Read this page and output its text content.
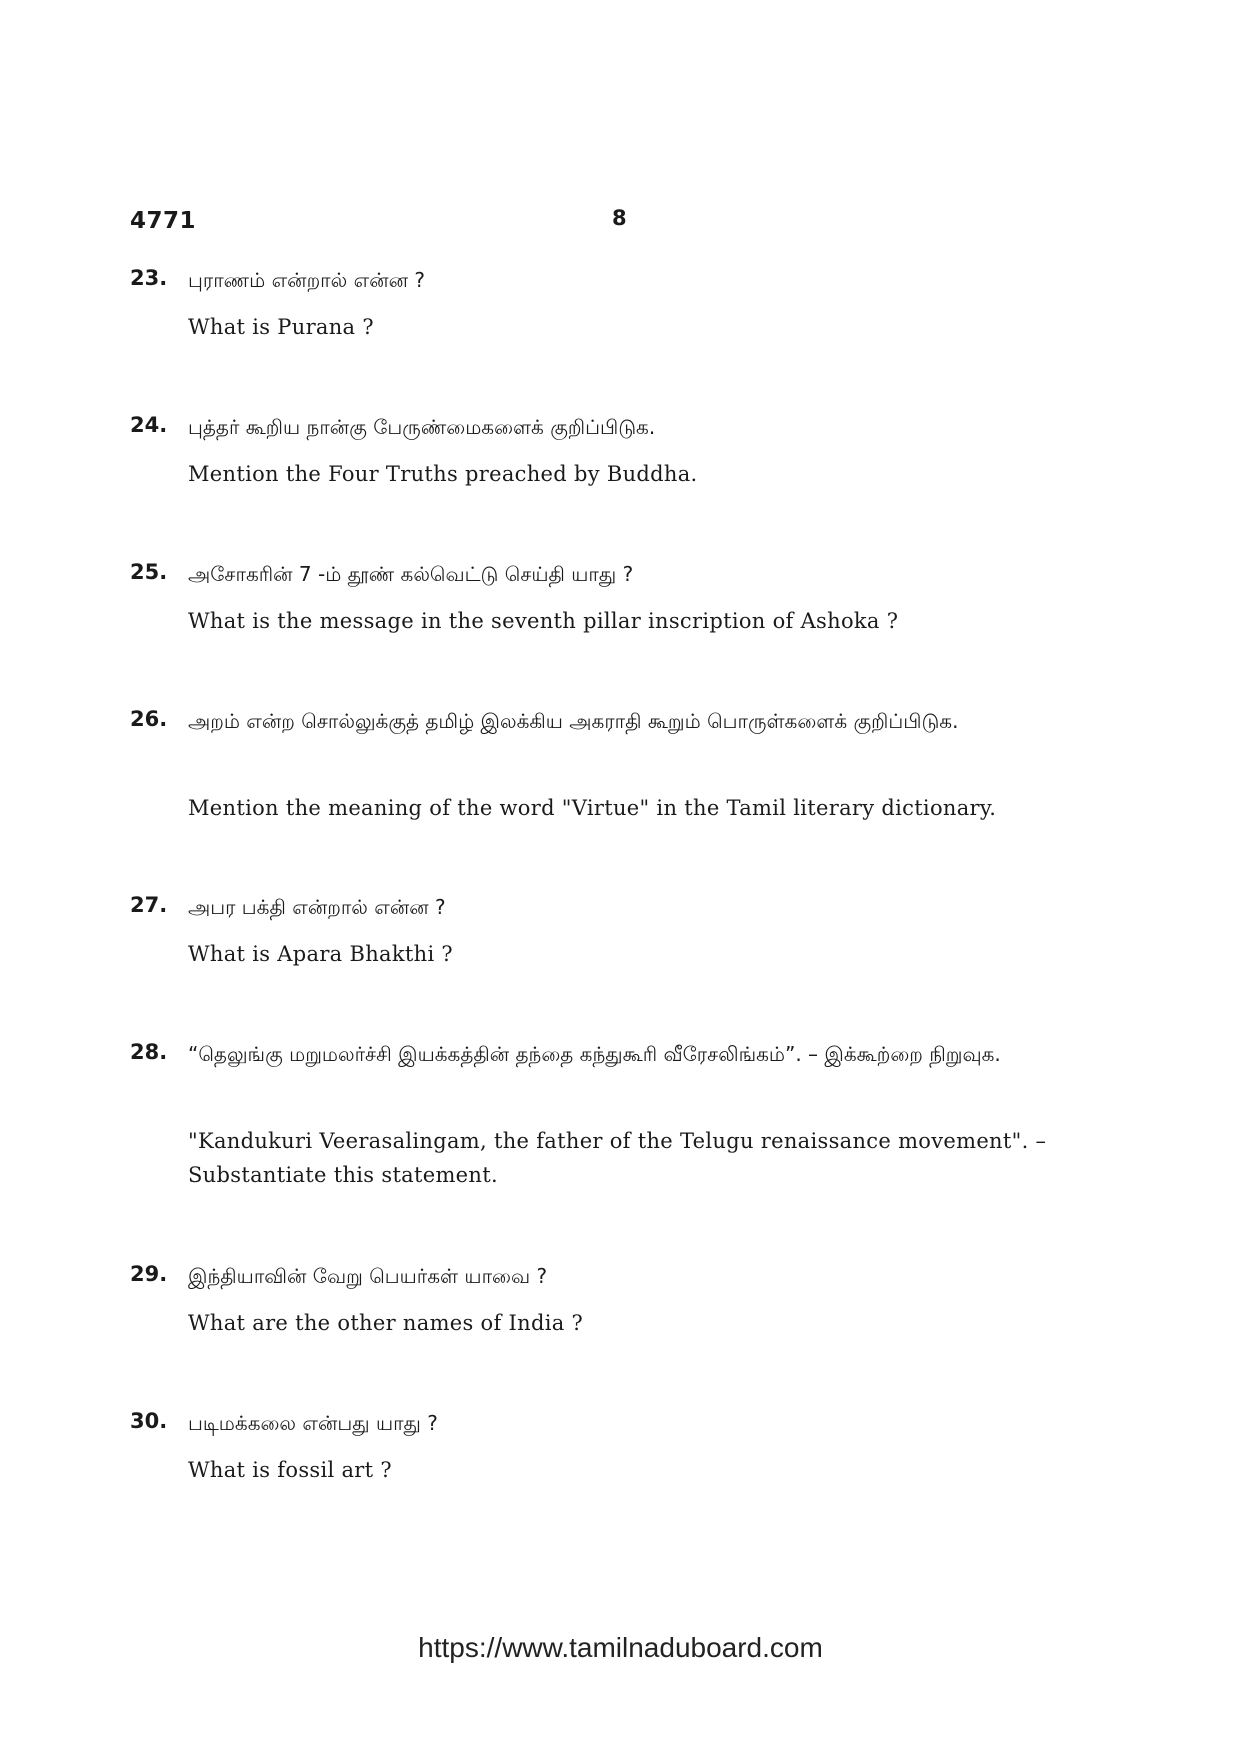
4771	8
23. புராணம் என்றால் என்ன ?
What is Purana ?
24. புத்தர் கூறிய நான்கு பேருண்மைகளைக் குறிப்பிடுக.
Mention the Four Truths preached by Buddha.
25. அசோகரின் 7 -ம் தூண் கல்வெட்டு செய்தி யாது ?
What is the message in the seventh pillar inscription of Ashoka ?
26. அறம் என்ற சொல்லுக்குத் தமிழ் இலக்கிய அகராதி கூறும் பொருள்களைக் குறிப்பிடுக.
Mention the meaning of the word "Virtue" in the Tamil literary dictionary.
27. அபர பக்தி என்றால் என்ன ?
What is Apara Bhakthi ?
28. “தெலுங்கு மறுமலர்ச்சி இயக்கத்தின் தந்தை கந்துகூரி வீரேசலிங்கம்”. – இக்கூற்றை நிறுவுக.
"Kandukuri Veerasalingam, the father of the Telugu renaissance movement". – Substantiate this statement.
29. இந்தியாவின் வேறு பெயர்கள் யாவை ?
What are the other names of India ?
30. படிமக்கலை என்பது யாது ?
What is fossil art ?
https://www.tamilnaduboard.com
